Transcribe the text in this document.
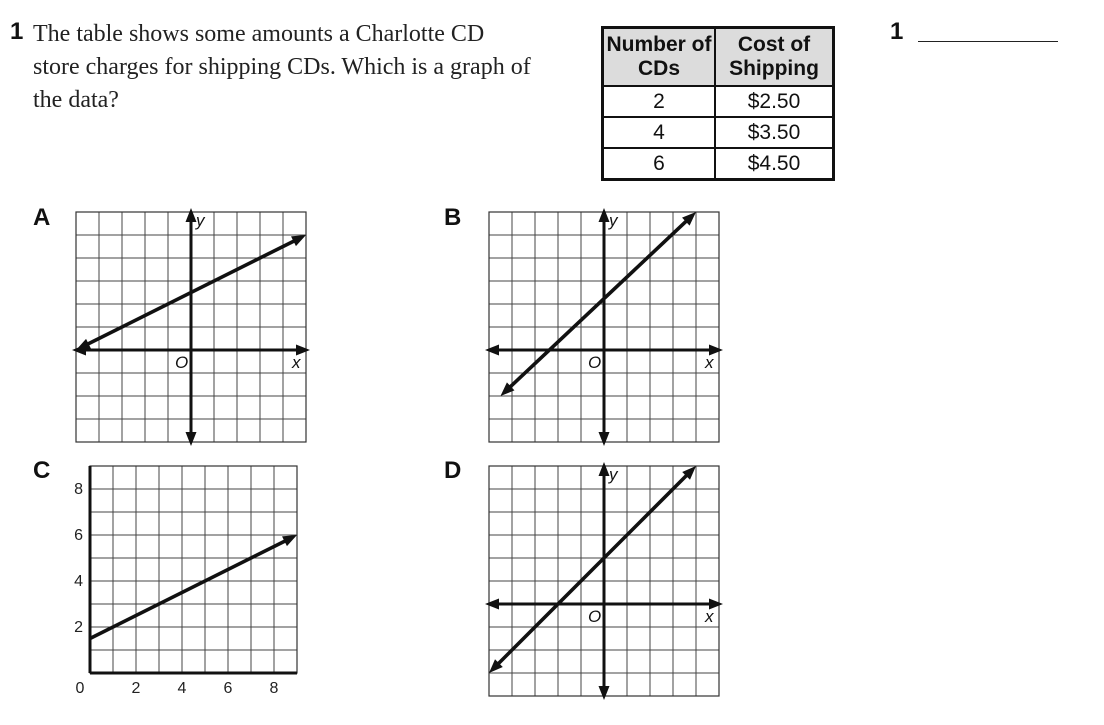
1 The table shows some amounts a Charlotte CD store charges for shipping CDs. Which is a graph of the data?
Number of CDs	Cost of Shipping
2	$2.50
4	$3.50
6	$4.50
1
A	B
C	D
x
y
O	x
y
O
0	2 4 6 8
2
4
6
8
x
y
O
